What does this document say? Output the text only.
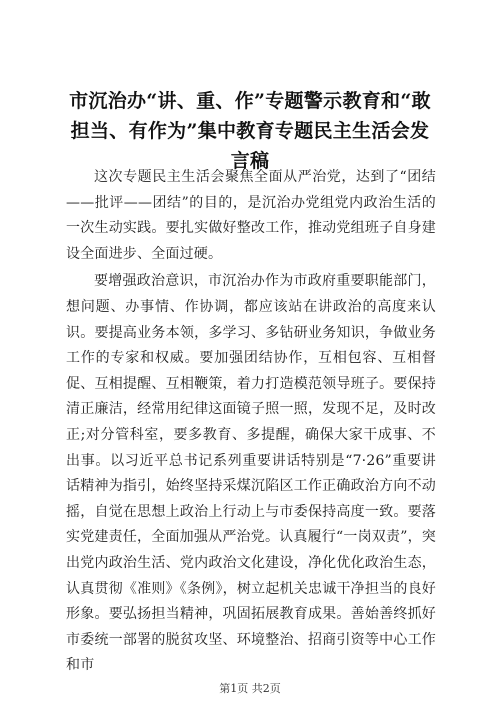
市沉治办“讲、重、作”专题警示教育和“敢担当、有作为”集中教育专题民主生活会发言稿

这次专题民主生活会聚焦全面从严治党，达到了“团结——批评——团结”的目的，是沉治办党组党内政治生活的一次生动实践。要扎实做好整改工作，推动党组班子自身建设全面进步、全面过硬。

要增强政治意识，市沉治办作为市政府重要职能部门，想问题、办事情、作协调，都应该站在讲政治的高度来认识。要提高业务本领，多学习、多钻研业务知识，争做业务工作的专家和权威。要加强团结协作，互相包容、互相督促、互相提醒、互相鞭策，着力打造模范领导班子。要保持清正廉洁，经常用纪律这面镜子照一照，发现不足，及时改正;对分管科室，要多教育、多提醒，确保大家干成事、不出事。以习近平总书记系列重要讲话特别是“7·26”重要讲话精神为指引，始终坚持采煤沉陷区工作正确政治方向不动摇，自觉在思想上政治上行动上与市委保持高度一致。要落实党建责任，全面加强从严治党。认真履行“一岗双责”，突出党内政治生活、党内政治文化建设，净化优化政治生态，认真贯彻《准则》《条例》，树立起机关忠诚干净担当的良好形象。要弘扬担当精神，巩固拓展教育成果。善始善终抓好市委统一部署的脱贫攻坚、环境整治、招商引资等中心工作和市

第1页 共2页
